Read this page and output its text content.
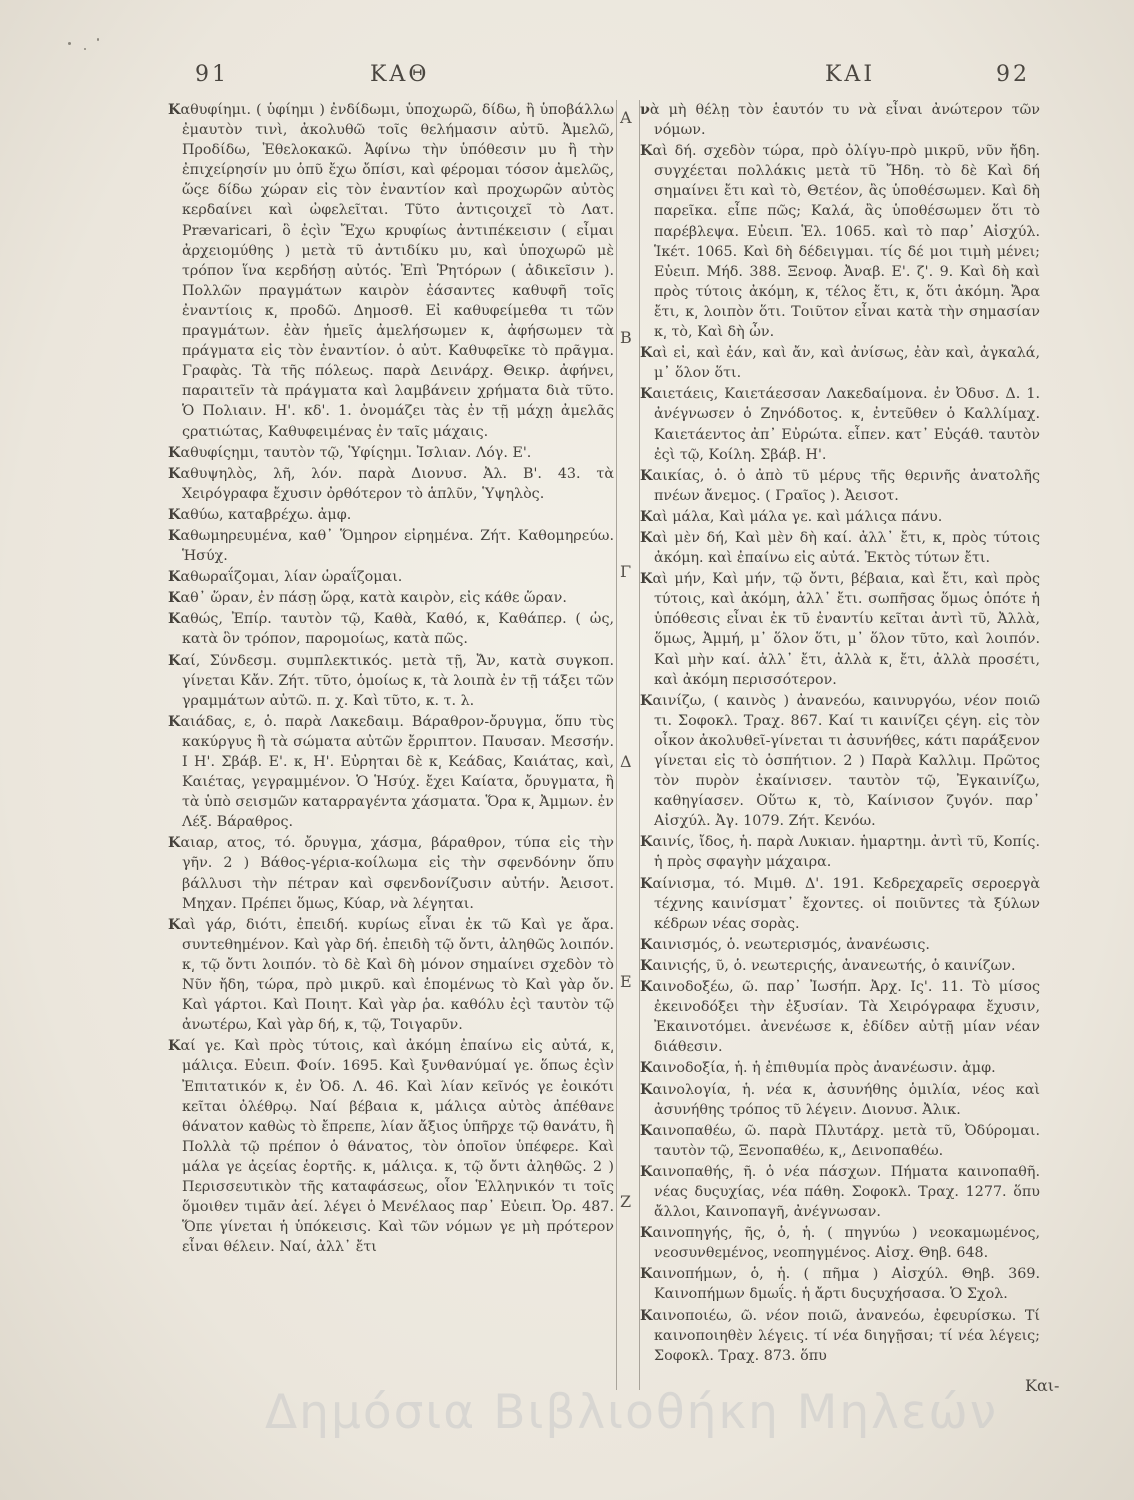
91	ΚΑΘ	ΚΑΙ	92

Καθυφίημι. ( ὑφίημι ) ἐνδίδωμι, ὑποχωρῶ, δίδω, ἢ ὑποβάλλω ἐμαυτὸν τινὶ, ἀκολυθῶ τοῖς θελήμασιν αὐτῦ. Ἀμελῶ, Προδίδω, Ἐθελοκακῶ. Ἀφίνω τὴν ὑπόθεσιν μυ ἢ τὴν ἐπιχείρησίν μυ ὁπῦ ἔχω ὄπίσι, καὶ φέρομαι τόσον ἀμελῶς, ὥςε δίδω χώραν εἰς τὸν ἐναντίον καὶ προχωρῶν αὐτὸς κερδαίνει καὶ ὠφελεῖται. Τῦτο ἀντιςοιχεῖ τὸ Λατ. Prævaricari, ὃ ἐςὶν Ἔχω κρυφίως ἀντιπέκεισιν ( εἶμαι ἀρχειομύθης ) μετὰ τῦ ἀντιδίκυ μυ, καὶ ὑποχωρῶ μὲ τρόπον ἵνα κερδήσῃ αὐτός. Ἐπὶ Ῥητόρων ( ἀδικεῖσιν ). Πολλῶν πραγμάτων καιρὸν ἐάσαντες καθυφῆ τοῖς ἐναντίοις κ͵ προδῶ. Δημοσθ. Εἰ καθυφείμεθα τι τῶν πραγμάτων. ἐὰν ἡμεῖς ἀμελήσωμεν κ͵ ἀφήσωμεν τὰ πράγματα εἰς τὸν ἐναντίον. ὁ αὐτ. Καθυφεῖκε τὸ πρᾶγμα. Γραφὰς. Τὰ τῆς πόλεως. παρὰ Δεινάρχ. Θεικρ. ἀφήνει, παραιτεῖν τὰ πράγματα καὶ λαμβάνειν χρήματα διὰ τῦτο. Ὁ Πολιαιν. Η'. κδ'. 1. ὀνομάζει τὰς ἐν τῇ μάχῃ ἀμελᾶς ςρατιώτας, Καθυφειμένας ἐν ταῖς μάχαις.

Καθυφίςημι, ταυτὸν τῷ, Ὑφίςημι. Ἰσλιαν. Λόγ. Ε'.

Καθυψηλὸς, λῆ, λόν. παρὰ Διονυσ. Ἀλ. Β'. 43. τὰ Χειρόγραφα ἔχυσιν ὀρθότερον τὸ ἁπλῦν, Ὑψηλὸς.

Καθύω, καταβρέχω. ἀμφ.

Καθωμηρευμένα, καθ᾽ Ὅμηρον εἰρημένα. Ζήτ. Καθομηρεύω. Ἡσύχ.

Καθωραΐζομαι, λίαν ὡραΐζομαι.

Καθ᾽ ὥραν, ἐν πάσῃ ὥρᾳ, κατὰ καιρὸν, εἰς κάθε ὥραν.

Καθώς, Ἐπίρ. ταυτὸν τῷ, Καθὰ, Καθό, κ͵ Καθάπερ. ( ὡς, κατὰ ὃν τρόπον, παρομοίως, κατὰ πῶς.

Καί, Σύνδεσμ. συμπλεκτικός. μετὰ τῇ, Ἄν, κατὰ συγκοπ. γίνεται Κἄν. Ζήτ. τῦτο, ὁμοίως κ͵ τὰ λοιπὰ ἐν τῇ τάξει τῶν γραμμάτων αὐτῶ. π. χ. Καὶ τῦτο, κ. τ. λ.

Καιάδας, ε, ὁ. παρὰ Λακεδαιμ. Βάραθρον-ὄρυγμα, ὅπυ τὺς κακύργυς ἢ τὰ σώματα αὐτῶν ἔρριπτον. Παυσαν. Μεσσήν. Ι Η'. Σβάβ. Ε'. κ͵ Η'. Εὐρηται δὲ κ͵ Κεάδας, Καιάτας, καὶ, Καιέτας, γεγραμμένον. Ὁ Ἡσύχ. ἔχει Καίατα, ὄρυγματα, ἢ τὰ ὑπὸ σεισμῶν καταρραγέντα χάσματα. Ὅρα κ͵ Ἀμμων. ἐν Λέξ. Βάραθρος.

Καιαρ, ατος, τό. ὄρυγμα, χάσμα, βάραθρον, τύπα εἰς τὴν γῆν. 2 ) Βάθος-γέρια-κοίλωμα εἰς τὴν σφενδόνην ὅπυ βάλλυσι τὴν πέτραν καὶ σφενδονίζυσιν αὐτήν. Ἀεισοτ. Μηχαν. Πρέπει ὅμως, Κύαρ, νὰ λέγηται.

Καὶ γάρ, διότι, ἐπειδή. κυρίως εἶναι ἐκ τῶ Καὶ γε ἄρα. συντεθημένον. Καὶ γὰρ δή. ἐπειδὴ τῷ ὄντι, ἀληθῶς λοιπόν. κ͵ τῷ ὄντι λοιπόν. τὸ δὲ Καὶ δὴ μόνον σημαίνει σχεδὸν τὸ Νῦν ἤδη, τώρα, πρὸ μικρῦ. καὶ ἑπομένως τὸ Καὶ γὰρ ὄν. Καὶ γάρτοι. Καὶ Ποιητ. Καὶ γὰρ ῥα. καθόλυ ἐςὶ ταυτὸν τῷ ἀνωτέρω, Καὶ γὰρ δή, κ͵ τῷ, Τοιγαρῦν.

Καί γε. Καὶ πρὸς τύτοις, καὶ ἀκόμη ἐπαίνω εἰς αὐτά, κ͵ μάλιςα. Εὐειπ. Φοίν. 1695. Καὶ ξυνθανύμαί γε. ὅπως ἐςὶν Ἐπιτατικόν κ͵ ἐν Ὀδ. Λ. 46. Καὶ λίαν κεῖνός γε ἐοικότι κεῖται ὀλέθρῳ. Ναί βέβαια κ͵ μάλιςα αὐτὸς ἀπέθανε θάνατον καθὼς τὸ ἔπρεπε, λίαν ἄξιος ὑπῆρχε τῷ θανάτυ, ἢ Πολλὰ τῷ πρέπον ὁ θάνατος, τὸν ὁποῖον ὑπέφερε. Καὶ μάλα γε ἀςείας ἑορτῆς. κ͵ μάλιςα. κ͵ τῷ ὄντι ἀληθῶς. 2 ) Περισσευτικὸν τῆς καταφάσεως, οἷον Ἑλληνικόν τι τοῖς ὅμοιθεν τιμᾶν ἀεί. λέγει ὁ Μενέλαος παρ᾽ Εὐειπ. Ὀρ. 487. Ὅπε γίνεται ἡ ὑπόκεισις. Καὶ τῶν νόμων γε μὴ πρότερον εἶναι θέλειν. Ναί, ἀλλ᾽ ἔτι

Α
Β
Γ
Δ
Ε
Ζ

νὰ μὴ θέλῃ τὸν ἑαυτόν τυ νὰ εἶναι ἀνώτερον τῶν νόμων.

Καὶ δή. σχεδὸν τώρα, πρὸ ὀλίγυ-πρὸ μικρῦ, νῦν ἤδη. συγχέεται πολλάκις μετὰ τῦ Ἤδη. τὸ δὲ Καὶ δή σημαίνει ἔτι καὶ τὸ, Θετέον, ἂς ὑποθέσωμεν. Καὶ δὴ παρεῖκα. εἶπε πῶς; Καλά, ἂς ὑποθέσωμεν ὅτι τὸ παρέβλεψα. Εὐειπ. Ἑλ. 1065. καὶ τὸ παρ᾽ Αἰσχύλ. Ἱκέτ. 1065. Καὶ δὴ δέδειγμαι. τίς δέ μοι τιμὴ μένει; Εὐειπ. Μήδ. 388. Ξενοφ. Ἀναβ. Ε'. ζ'. 9. Καὶ δὴ καὶ πρὸς τύτοις ἀκόμη, κ͵ τέλος ἔτι, κ͵ ὅτι ἀκόμη. Ἄρα ἔτι, κ͵ λοιπὸν ὅτι. Τοιῦτον εἶναι κατὰ τὴν σημασίαν κ͵ τὸ, Καὶ δὴ ὦν.

Καὶ εἰ, καὶ ἐάν, καὶ ἄν, καὶ ἀνίσως, ἐὰν καὶ, ἀγκαλά, μ᾽ ὅλον ὅτι.

Καιετάεις, Καιετάεσσαν Λακεδαίμονα. ἐν Ὀδυσ. Δ. 1. ἀνέγνωσεν ὁ Ζηνόδοτος. κ͵ ἐντεῦθεν ὁ Καλλίμαχ. Καιετάεντος ἀπ᾽ Εὐρώτα. εἶπεν. κατ᾽ Εὐςάθ. ταυτὸν ἐςὶ τῷ, Κοίλη. Σβάβ. Η'.

Καικίας, ὁ. ὁ ἀπὸ τῦ μέρυς τῆς θερινῆς ἀνατολῆς πνέων ἄνεμος. ( Γραῖος ). Ἀεισοτ.

Καὶ μάλα, Καὶ μάλα γε. καὶ μάλιςα πάνυ.

Καὶ μὲν δή, Καὶ μὲν δὴ καί. ἀλλ᾽ ἔτι, κ͵ πρὸς τύτοις ἀκόμη. καὶ ἐπαίνω εἰς αὐτά. Ἐκτὸς τύτων ἔτι.

Καὶ μήν, Καὶ μήν, τῷ ὄντι, βέβαια, καὶ ἔτι, καὶ πρὸς τύτοις, καὶ ἀκόμη, ἀλλ᾽ ἔτι. σωπῆσας ὅμως ὁπότε ἡ ὑπόθεσις εἶναι ἐκ τῦ ἐναντίυ κεῖται ἀντὶ τῦ, Ἀλλὰ, ὅμως, Ἀμμή, μ᾽ ὅλον ὅτι, μ᾽ ὅλον τῦτο, καὶ λοιπόν. Καὶ μὴν καί. ἀλλ᾽ ἔτι, ἀλλὰ κ͵ ἔτι, ἀλλὰ προσέτι, καὶ ἀκόμη περισσότερον.

Καινίζω, ( καινὸς ) ἀνανεόω, καινυργόω, νέον ποιῶ τι. Σοφοκλ. Τραχ. 867. Καί τι καινίζει ςέγη. εἰς τὸν οἶκον ἀκολυθεῖ-γίνεται τι ἀσυνήθες, κάτι παράξενον γίνεται εἰς τὸ ὁσπήτιον. 2 ) Παρὰ Καλλιμ. Πρῶτος τὸν πυρὸν ἐκαίνισεν. ταυτὸν τῷ, Ἐγκαινίζω, καθηγίασεν. Οὕτω κ͵ τὸ, Καίνισον ζυγόν. παρ᾽ Αἰσχύλ. Ἀγ. 1079. Ζήτ. Κενόω.

Καινίς, ἴδος, ἡ. παρὰ Λυκιαν. ἡμαρτημ. ἀντὶ τῦ, Κοπίς. ἡ πρὸς σφαγὴν μάχαιρα.

Καίνισμα, τό. Μιμθ. Δ'. 191. Κεδρεχαρεῖς σεροεργὰ τέχνης καινίσματ᾽ ἔχοντες. οἱ ποιῦντες τὰ ξύλων κέδρων νέας σορὰς.

Καινισμός, ὁ. νεωτερισμός, ἀνανέωσις.

Καινιςής, ῦ, ὁ. νεωτεριςής, ἀνανεωτής, ὁ καινίζων.

Καινοδοξέω, ῶ. παρ᾽ Ἰωσήπ. Ἀρχ. Ις'. 11. Τὸ μίσος ἐκεινοδόξει τὴν ἐξυσίαν. Τὰ Χειρόγραφα ἔχυσιν, Ἐκαινοτόμει. ἀνενέωσε κ͵ ἐδίδεν αὐτῇ μίαν νέαν διάθεσιν.

Καινοδοξία, ἡ. ἡ ἐπιθυμία πρὸς ἀνανέωσιν. ἀμφ.

Καινολογία, ἡ. νέα κ͵ ἀσυνήθης ὁμιλία, νέος καὶ ἀσυνήθης τρόπος τῦ λέγειν. Διονυσ. Ἀλικ.

Καινοπαθέω, ῶ. παρὰ Πλυτάρχ. μετὰ τῦ, Ὀδύρομαι. ταυτὸν τῷ, Ξενοπαθέω, κ͵, Δεινοπαθέω.

Καινοπαθής, ῆ. ὁ νέα πάσχων. Πήματα καινοπαθῆ. νέας δυςυχίας, νέα πάθη. Σοφοκλ. Τραχ. 1277. ὅπυ ἄλλοι, Καινοπαγῆ, ἀνέγνωσαν.

Καινοπηγής, ῆς, ὁ, ἡ. ( πηγνύω ) νεοκαμωμένος, νεοσυνθεμένος, νεοπηγμένος. Αἰσχ. Θηβ. 648.

Καινοπήμων, ὁ, ἡ. ( πῆμα ) Αἰσχύλ. Θηβ. 369. Καινοπήμων δμωΐς. ἡ ἄρτι δυςυχήσασα. Ὁ Σχολ.

Καινοποιέω, ῶ. νέον ποιῶ, ἀνανεόω, ἐφευρίσκω. Τί καινοποιηθὲν λέγεις. τί νέα διηγῇσαι; τί νέα λέγεις; Σοφοκλ. Τραχ. 873. ὅπυ

Και-
Δημόσια Βιβλιοθήκη Μηλεών
